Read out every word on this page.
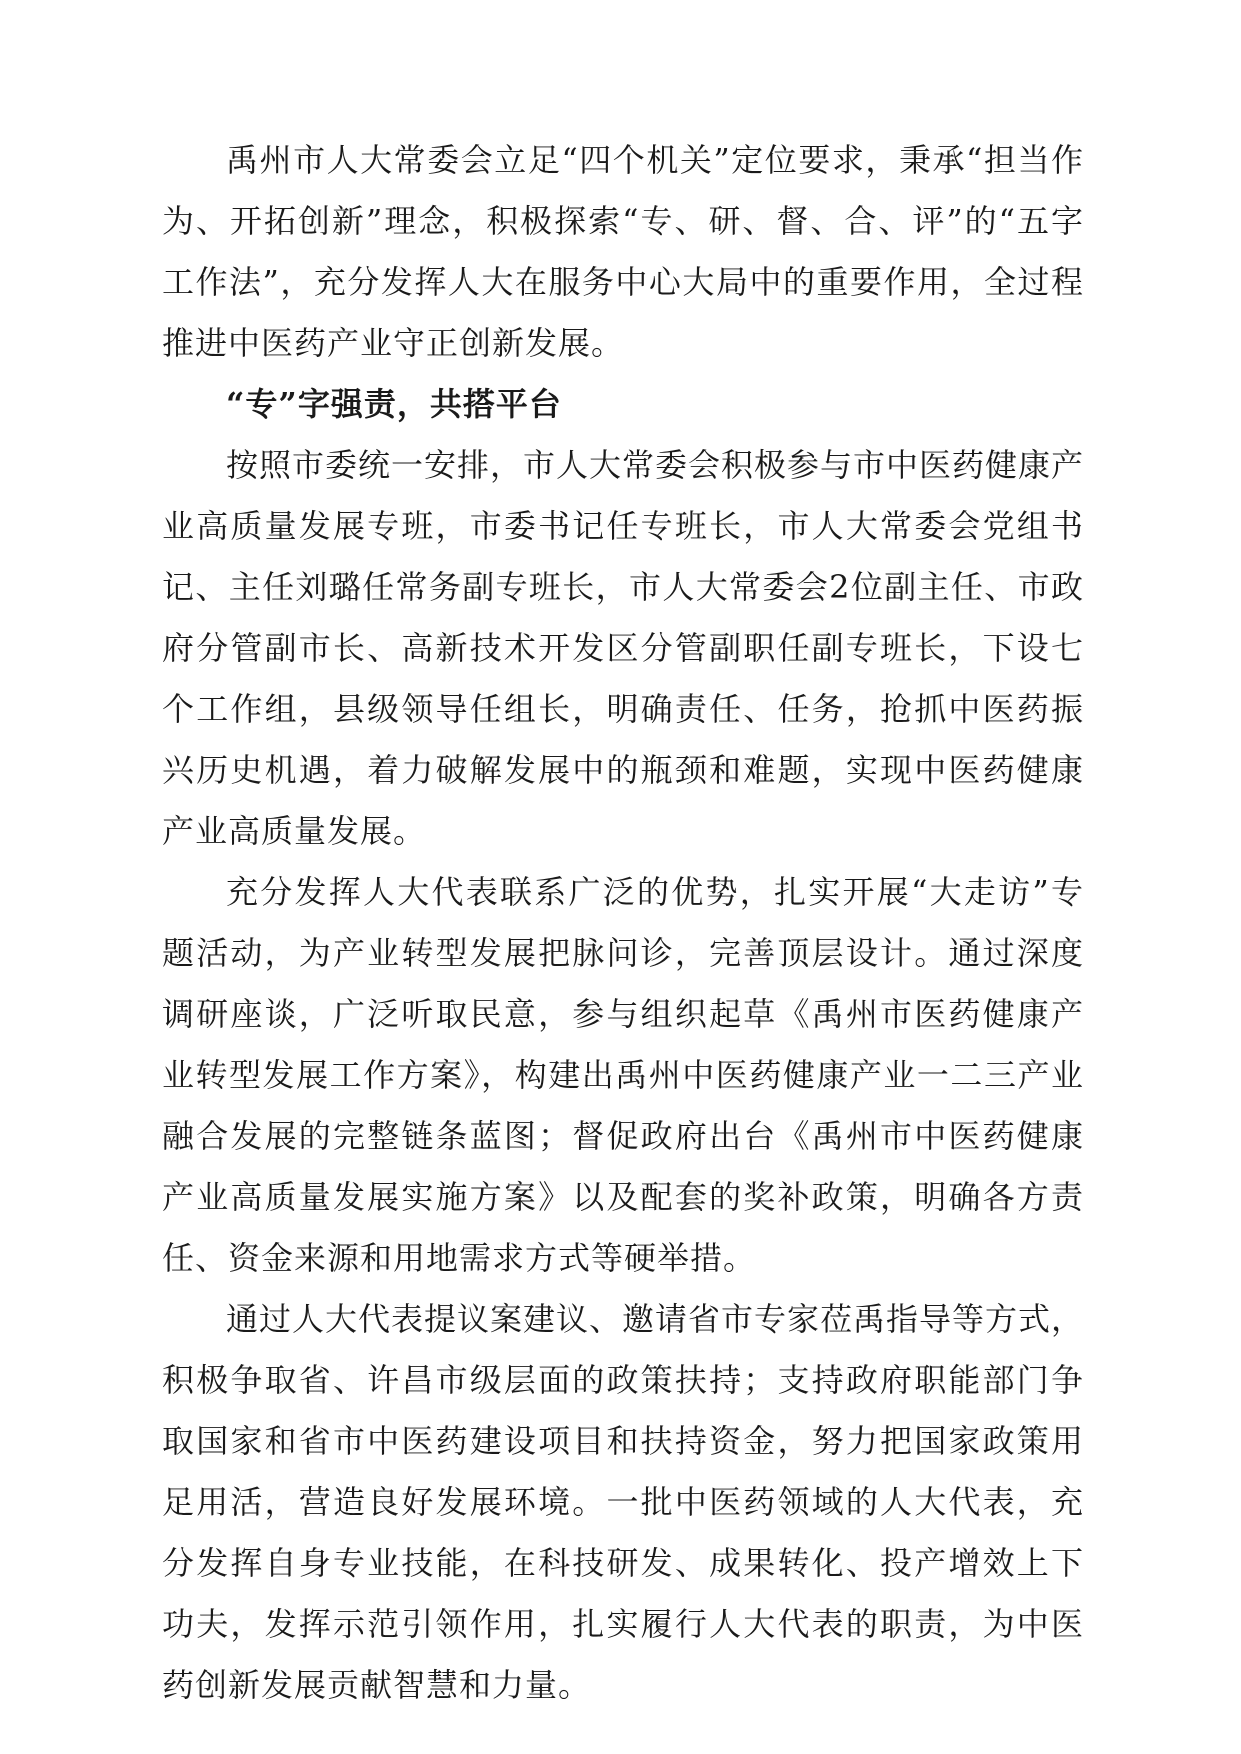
禹州市人大常委会立足“四个机关”定位要求，秉承“担当作为、开拓创新”理念，积极探索“专、研、督、合、评”的“五字工作法”，充分发挥人大在服务中心大局中的重要作用，全过程推进中医药产业守正创新发展。

“专”字强责，共搭平台

按照市委统一安排，市人大常委会积极参与市中医药健康产业高质量发展专班，市委书记任专班长，市人大常委会党组书记、主任刘璐任常务副专班长，市人大常委会2位副主任、市政府分管副市长、高新技术开发区分管副职任副专班长，下设七个工作组，县级领导任组长，明确责任、任务，抢抓中医药振兴历史机遇，着力破解发展中的瓶颈和难题，实现中医药健康产业高质量发展。

充分发挥人大代表联系广泛的优势，扎实开展“大走访”专题活动，为产业转型发展把脉问诊，完善顶层设计。通过深度调研座谈，广泛听取民意，参与组织起草《禹州市医药健康产业转型发展工作方案》，构建出禹州中医药健康产业一二三产业融合发展的完整链条蓝图；督促政府出台《禹州市中医药健康产业高质量发展实施方案》以及配套的奖补政策，明确各方责任、资金来源和用地需求方式等硬举措。

通过人大代表提议案建议、邀请省市专家莅禹指导等方式，积极争取省、许昌市级层面的政策扶持；支持政府职能部门争取国家和省市中医药建设项目和扶持资金，努力把国家政策用足用活，营造良好发展环境。一批中医药领域的人大代表，充分发挥自身专业技能，在科技研发、成果转化、投产增效上下功夫，发挥示范引领作用，扎实履行人大代表的职责，为中医药创新发展贡献智慧和力量。
